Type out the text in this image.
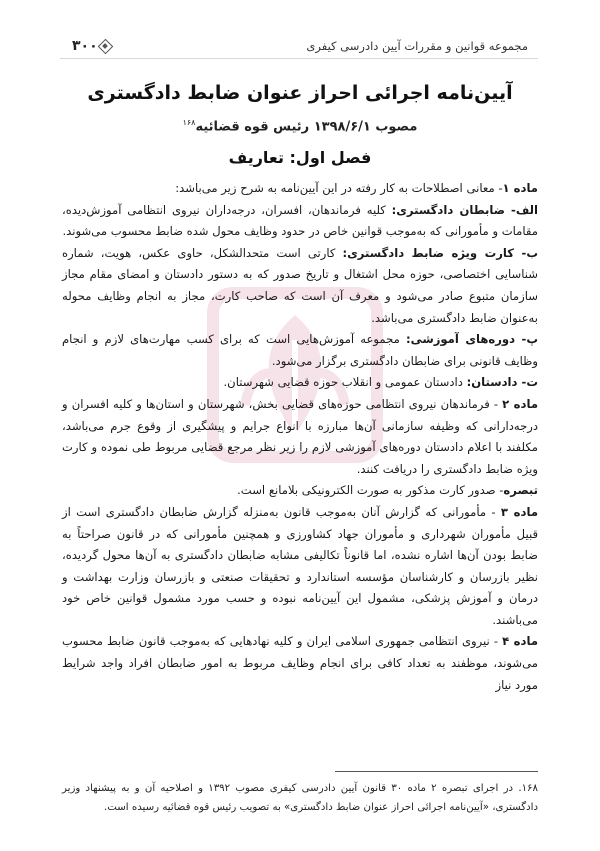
۳۰۰	مجموعه قوانین و مقررات آیین دادرسی کیفری
آیین‌نامه اجرائی احراز عنوان ضابط دادگستری
مصوب ۱۳۹۸/۶/۱ رئیس قوه قضائیه$^{۱۶۸}$
فصل اول: تعاریف

ماده ۱- معانی اصطلاحات به کار رفته در این آیین‌نامه به شرح زیر می‌باشد:

الف- ضابطان دادگستری: کلیه فرماندهان، افسران، درجه‌داران نیروی انتظامی آموزش‌دیده، مقامات و مأمورانی که به‌موجب قوانین خاص در حدود وظایف محول شده ضابط محسوب می‌شوند.

ب- کارت ویژه ضابط دادگستری: کارتی است متحدالشکل، حاوی عکس، هویت، شماره شناسایی اختصاصی، حوزه محل اشتغال و تاریخ صدور که به دستور دادستان و امضای مقام مجاز سازمان متبوع صادر می‌شود و معرف آن است که صاحب کارت، مجاز به انجام وظایف محوله به‌عنوان ضابط دادگستری می‌باشد.

پ- دوره‌های آموزشی: مجموعه آموزش‌هایی است که برای کسب مهارت‌های لازم و انجام وظایف قانونی برای ضابطان دادگستری برگزار می‌شود.

ت- دادستان: دادستان عمومی و انقلاب حوزه قضایی شهرستان.

ماده ۲ - فرماندهان نیروی انتظامی حوزه‌های قضایی بخش، شهرستان و استان‌ها و کلیه افسران و درجه‌دارانی که وظیفه سازمانی آن‌ها مبارزه با انواع جرایم و پیشگیری از وقوع جرم می‌باشد، مکلفند با اعلام دادستان دوره‌های آموزشی لازم را زیر نظر مرجع قضایی مربوط طی نموده و کارت ویژه ضابط دادگستری را دریافت کنند.

تبصره- صدور کارت مذکور به صورت الکترونیکی بلامانع است.

ماده ۳ - مأمورانی که گزارش آنان به‌موجب قانون به‌منزله گزارش ضابطان دادگستری است از قبیل مأموران شهرداری و مأموران جهاد کشاورزی و همچنین مأمورانی که در قانون صراحتاً به ضابط بودن آن‌ها اشاره نشده، اما قانوناً تکالیفی مشابه ضابطان دادگستری به آن‌ها محول گردیده، نظیر بازرسان و کارشناسان مؤسسه استاندارد و تحقیقات صنعتی و بازرسان وزارت بهداشت و درمان و آموزش پزشکی، مشمول این آیین‌نامه نبوده و حسب مورد مشمول قوانین خاص خود می‌باشند.

ماده ۴ - نیروی انتظامی جمهوری اسلامی ایران و کلیه نهادهایی که به‌موجب قانون ضابط محسوب می‌شوند، موظفند به تعداد کافی برای انجام وظایف مربوط به امور ضابطان افراد واجد شرایط مورد نیاز

۱۶۸. در اجرای تبصره ۲ ماده ۳۰ قانون آیین دادرسی کیفری مصوب ۱۳۹۲ و اصلاحیه آن و به پیشنهاد وزیر دادگستری، «آیین‌نامه اجرائی احراز عنوان ضابط دادگستری» به تصویب رئیس قوه قضائیه رسیده است.
